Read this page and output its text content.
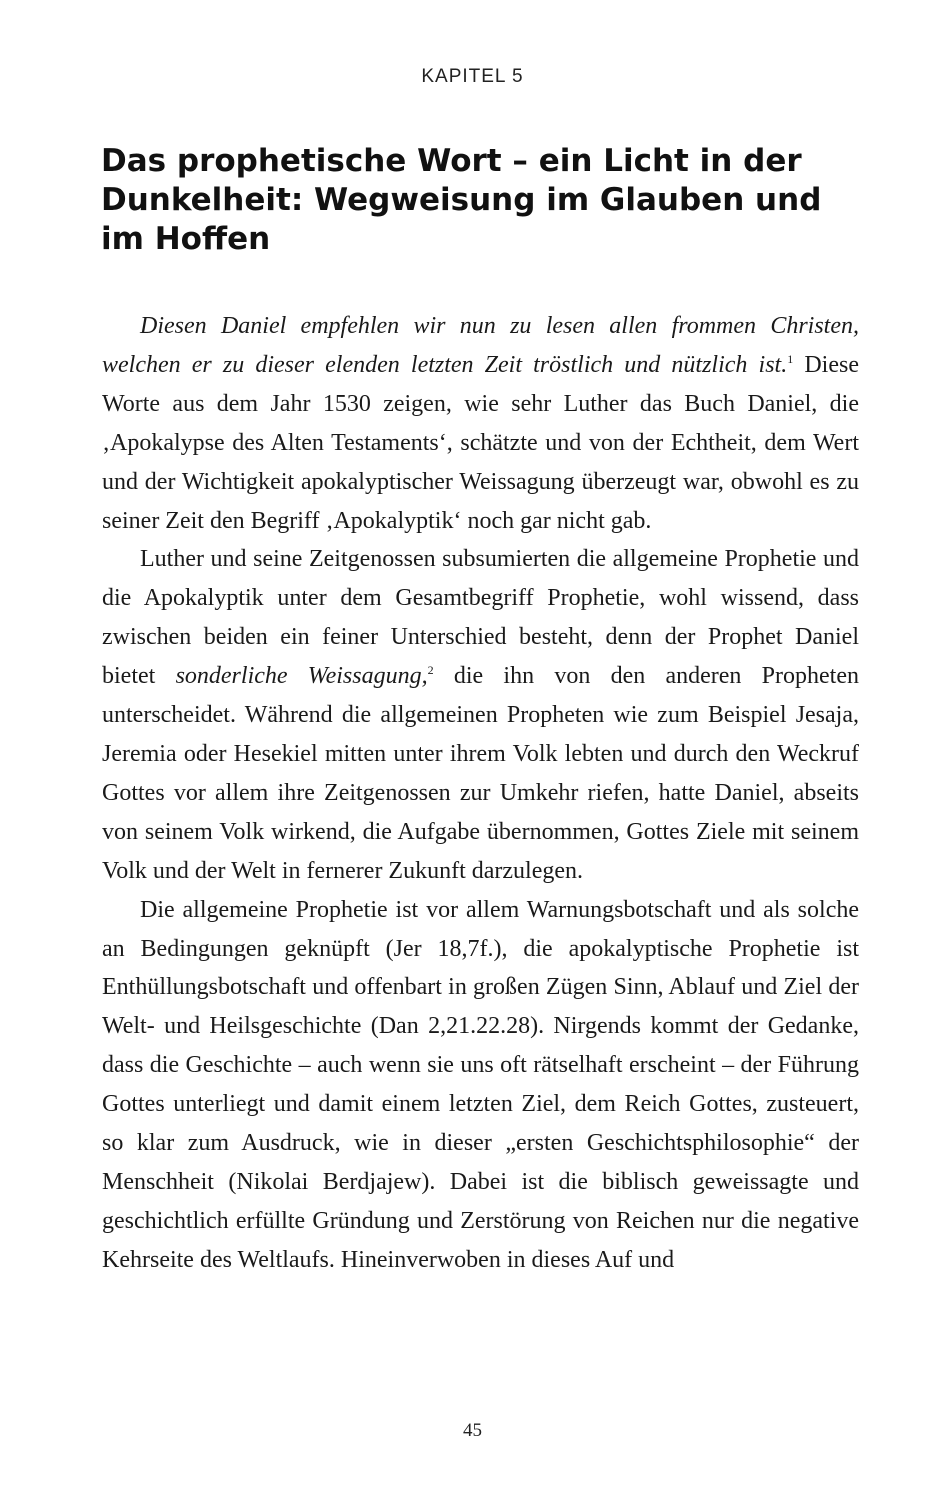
KAPITEL 5
Das prophetische Wort – ein Licht in der Dunkelheit: Wegweisung im Glauben und im Hoffen

Diesen Daniel empfehlen wir nun zu lesen allen frommen Christen, welchen er zu dieser elenden letzten Zeit tröstlich und nützlich ist.$^1$ Diese Worte aus dem Jahr 1530 zeigen, wie sehr Luther das Buch Daniel, die ‚Apokalypse des Alten Testaments‘, schätzte und von der Echtheit, dem Wert und der Wichtigkeit apokalyptischer Weissagung überzeugt war, obwohl es zu seiner Zeit den Begriff ‚Apokalyptik‘ noch gar nicht gab.

Luther und seine Zeitgenossen subsumierten die allgemeine Prophetie und die Apokalyptik unter dem Gesamtbegriff Prophetie, wohl wissend, dass zwischen beiden ein feiner Unterschied besteht, denn der Prophet Daniel bietet sonderliche Weissagung,$^2$ die ihn von den anderen Propheten unterscheidet. Während die allgemeinen Propheten wie zum Beispiel Jesaja, Jeremia oder Hesekiel mitten unter ihrem Volk lebten und durch den Weckruf Gottes vor allem ihre Zeitgenossen zur Umkehr riefen, hatte Daniel, abseits von seinem Volk wirkend, die Aufgabe übernommen, Gottes Ziele mit seinem Volk und der Welt in fernerer Zukunft darzulegen.

Die allgemeine Prophetie ist vor allem Warnungsbotschaft und als solche an Bedingungen geknüpft (Jer 18,7f.), die apokalyptische Prophetie ist Enthüllungsbotschaft und offenbart in großen Zügen Sinn, Ablauf und Ziel der Welt- und Heilsgeschichte (Dan 2,21.22.28). Nirgends kommt der Gedanke, dass die Geschichte – auch wenn sie uns oft rätselhaft erscheint – der Führung Gottes unterliegt und damit einem letzten Ziel, dem Reich Gottes, zusteuert, so klar zum Ausdruck, wie in dieser „ersten Geschichtsphilosophie“ der Menschheit (Nikolai Berdjajew). Dabei ist die biblisch geweissagte und geschichtlich erfüllte Gründung und Zerstörung von Reichen nur die negative Kehrseite des Weltlaufs. Hineinverwoben in dieses Auf und

45
